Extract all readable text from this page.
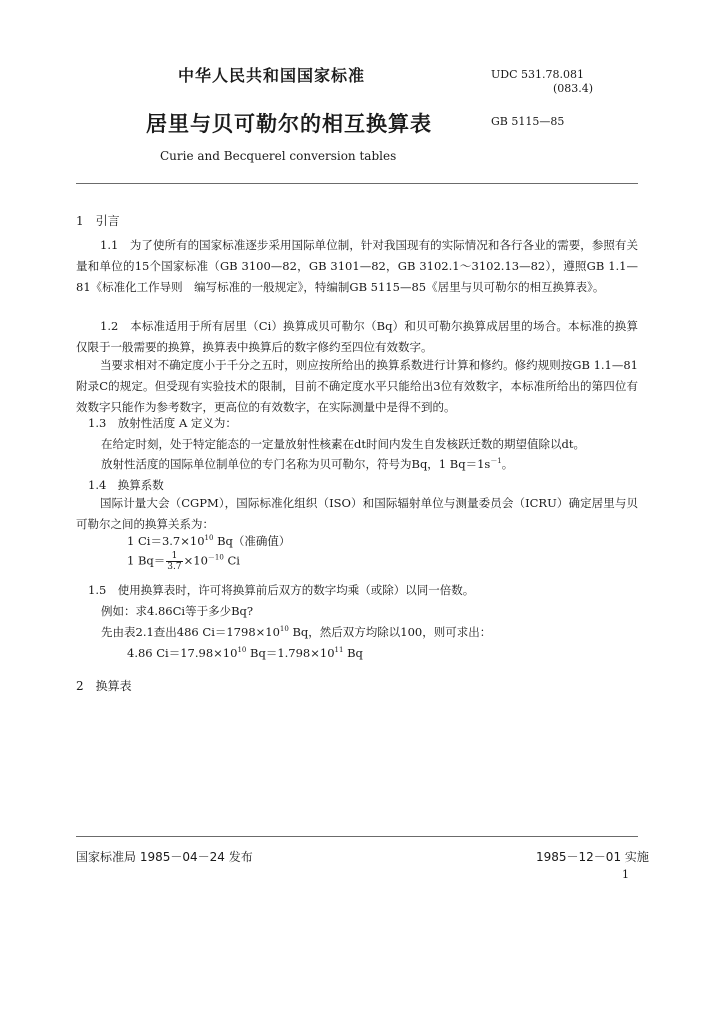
中华人民共和国国家标准	UDC 531.78.081
(083.4)
居里与贝可勒尔的相互换算表	GB 5115—85
Curie and Becquerel conversion tables
1　引言
1.1　为了使所有的国家标准逐步采用国际单位制，针对我国现有的实际情况和各行各业的需要，参照有关量和单位的15个国家标准（GB 3100—82，GB 3101—82，GB 3102.1～3102.13—82），遵照GB 1.1—81《标准化工作导则　编写标准的一般规定》，特编制GB 5115—85《居里与贝可勒尔的相互换算表》。
1.2　本标准适用于所有居里（Ci）换算成贝可勒尔（Bq）和贝可勒尔换算成居里的场合。本标准的换算仅限于一般需要的换算，换算表中换算后的数字修约至四位有效数字。
当要求相对不确定度小于千分之五时，则应按所给出的换算系数进行计算和修约。修约规则按GB 1.1—81附录C的规定。但受现有实验技术的限制，目前不确定度水平只能给出3位有效数字，本标准所给出的第四位有效数字只能作为参考数字，更高位的有效数字，在实际测量中是得不到的。
1.3　放射性活度 A 定义为：
在给定时刻，处于特定能态的一定量放射性核素在dt时间内发生自发核跃迁数的期望值除以dt。
放射性活度的国际单位制单位的专门名称为贝可勒尔，符号为Bq，1 $Bq=1s^{-1}$。
1.4　换算系数
国际计量大会（CGPM），国际标准化组织（ISO）和国际辐射单位与测量委员会（ICRU）确定居里与贝可勒尔之间的换算关系为：
1 $Ci=3.7\times 10^{10}$ Bq（准确值）
1 $Bq= \frac{1}{3.7} \times 10^{-10}$ Ci
1.5　使用换算表时，许可将换算前后双方的数字均乘（或除）以同一倍数。
例如：求4.86Ci等于多少Bq?
先由表2.1查出486 $Ci=1798\times 10^{10}$ Bq，然后双方均除以100，则可求出：
4.86 $Ci=17.98\times 10^{10}$ $Bq=1.798\times 10^{11}$ Bq
2　换算表
国家标准局 1985－04－24 发布	1985－12－01 实施
1
